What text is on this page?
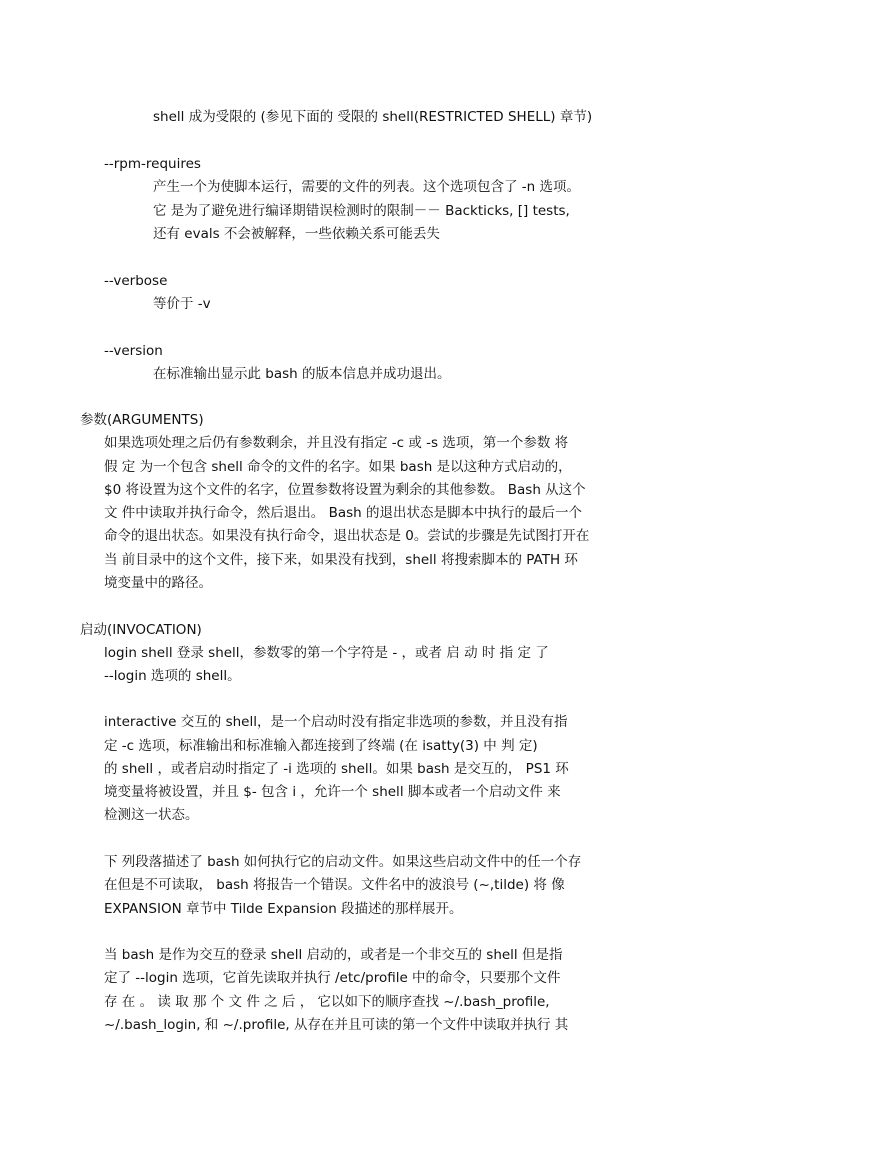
shell 成为受限的 (参见下面的 受限的 shell(RESTRICTED SHELL) 章节)
--rpm-requires
产生一个为使脚本运行，需要的文件的列表。这个选项包含了 -n 选项。
它 是为了避免进行编译期错误检测时的限制－－ Backticks, [] tests,
还有 evals 不会被解释，一些依赖关系可能丢失
--verbose
等价于 -v
--version
在标准输出显示此 bash 的版本信息并成功退出。
参数(ARGUMENTS)
如果选项处理之后仍有参数剩余，并且没有指定 -c 或 -s 选项，第一个参数 将
假 定 为一个包含 shell 命令的文件的名字。如果 bash 是以这种方式启动的，
$0 将设置为这个文件的名字，位置参数将设置为剩余的其他参数。 Bash 从这个
文 件中读取并执行命令，然后退出。 Bash 的退出状态是脚本中执行的最后一个
命令的退出状态。如果没有执行命令，退出状态是 0。尝试的步骤是先试图打开在
当 前目录中的这个文件，接下来，如果没有找到，shell 将搜索脚本的 PATH 环
境变量中的路径。
启动(INVOCATION)
login shell 登录 shell，参数零的第一个字符是 - ，或者 启 动 时 指 定 了
--login 选项的 shell。
interactive 交互的 shell，是一个启动时没有指定非选项的参数，并且没有指
定 -c 选项，标准输出和标准输入都连接到了终端 (在 isatty(3) 中 判 定)
的 shell ，或者启动时指定了 -i 选项的 shell。如果 bash 是交互的， PS1 环
境变量将被设置，并且 $- 包含 i ，允许一个 shell 脚本或者一个启动文件 来
检测这一状态。
下 列段落描述了 bash 如何执行它的启动文件。如果这些启动文件中的任一个存
在但是不可读取， bash 将报告一个错误。文件名中的波浪号 (~,tilde) 将 像
EXPANSION 章节中 Tilde Expansion 段描述的那样展开。
当 bash 是作为交互的登录 shell 启动的，或者是一个非交互的 shell 但是指
定了 --login 选项，它首先读取并执行 /etc/profile 中的命令，只要那个文件
存 在 。 读 取 那 个 文 件 之 后 ， 它以如下的顺序查找 ~/.bash_profile,
~/.bash_login, 和 ~/.profile, 从存在并且可读的第一个文件中读取并执行 其
